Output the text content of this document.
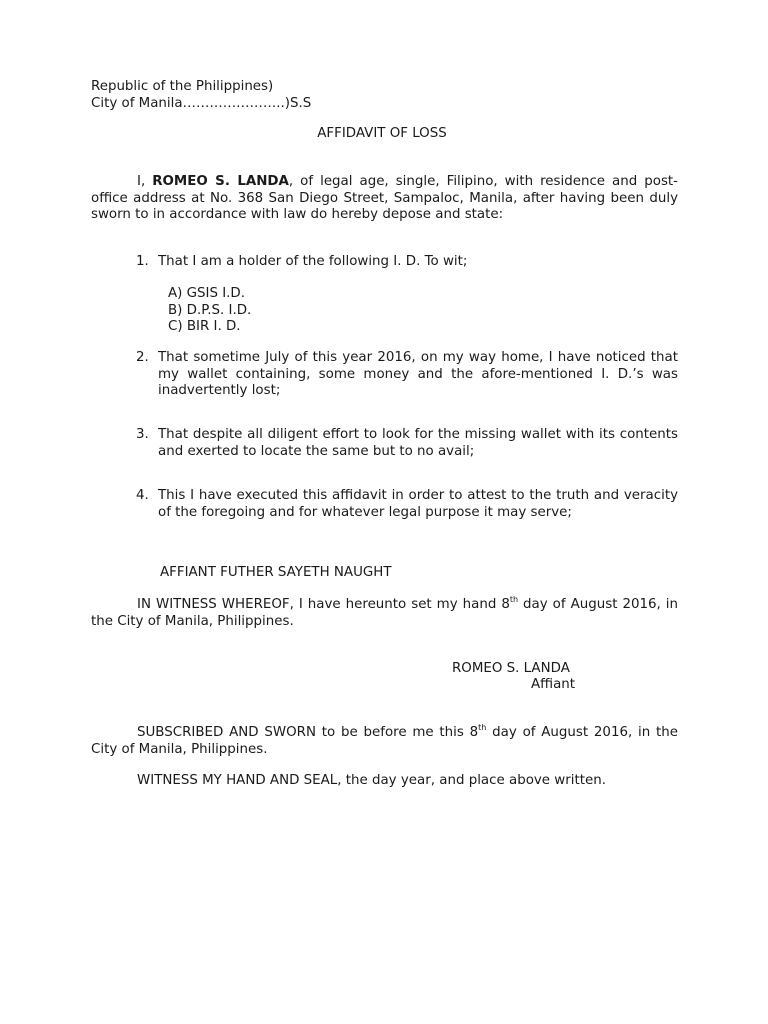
Republic of the Philippines)
City of Manila…………………..)S.S
AFFIDAVIT OF LOSS
I, ROMEO S. LANDA, of legal age, single, Filipino, with residence and post-office address at No. 368 San Diego Street, Sampaloc, Manila, after having been duly sworn to in accordance with law do hereby depose and state:
1. That I am a holder of the following I. D. To wit;
A) GSIS I.D.
B) D.P.S. I.D.
C) BIR I. D.
2. That sometime July of this year 2016, on my way home, I have noticed that my wallet containing, some money and the afore-mentioned I. D.’s was inadvertently lost;
3. That despite all diligent effort to look for the missing wallet with its contents and exerted to locate the same but to no avail;
4. This I have executed this affidavit in order to attest to the truth and veracity of the foregoing and for whatever legal purpose it may serve;
AFFIANT FUTHER SAYETH NAUGHT
IN WITNESS WHEREOF, I have hereunto set my hand 8th day of August 2016, in the City of Manila, Philippines.
ROMEO S. LANDA
Affiant
SUBSCRIBED AND SWORN to be before me this 8th day of August 2016, in the City of Manila, Philippines.
WITNESS MY HAND AND SEAL, the day year, and place above written.
